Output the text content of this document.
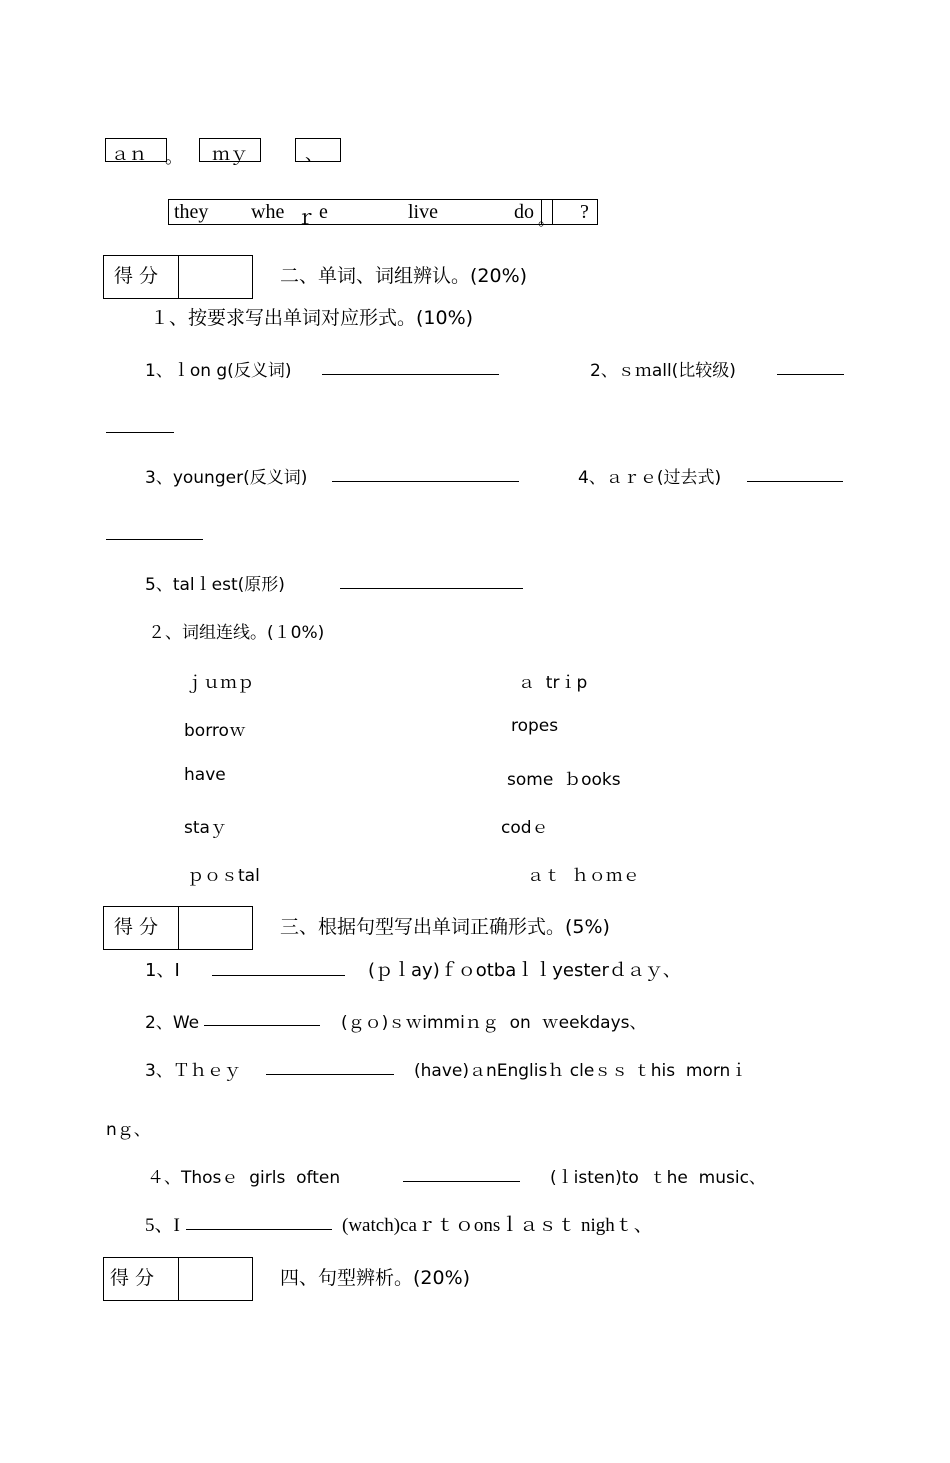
ａｎ 。 ｍｙ	、
they whe ｒ e	live	do 。 ?
得 分	二、单词、词组辨认。(20%)
１、按要求写出单词对应形式。(10%)
1、ｌon g(反义词)	2、ｓｍall(比较级)
3、younger(反义词)	4、ａｒｅ(过去式)
5、talｌest(原形)
２、词组连线。(１0%)
ｊｕｍｐ
borroｗ
have
staｙ
ｐｏｓtal
ａ  trｉp
ropes
some  ｂooks
codｅ
ａｔ  ｈｏｍｅ
得 分	三、根据句型写出单词正确形式。(5%)
1、I	(ｐｌay)ｆｏotbaｌｌyesterｄａｙ、
2、We	(ｇｏ)ｓｗimmiｎｇ  on  ｗeekdays、
3、Ｔｈｅｙ	(have)ａnEnglisｈ cleｓｓ ｔhis  mornｉ
nｇ、
４、Thosｅ  girls  often	(ｌisten)to  ｔhe  music、
5、I	(watch)caｒｔｏonsｌａｓｔ nighｔ、
得 分	四、句型辨析。(20%)
